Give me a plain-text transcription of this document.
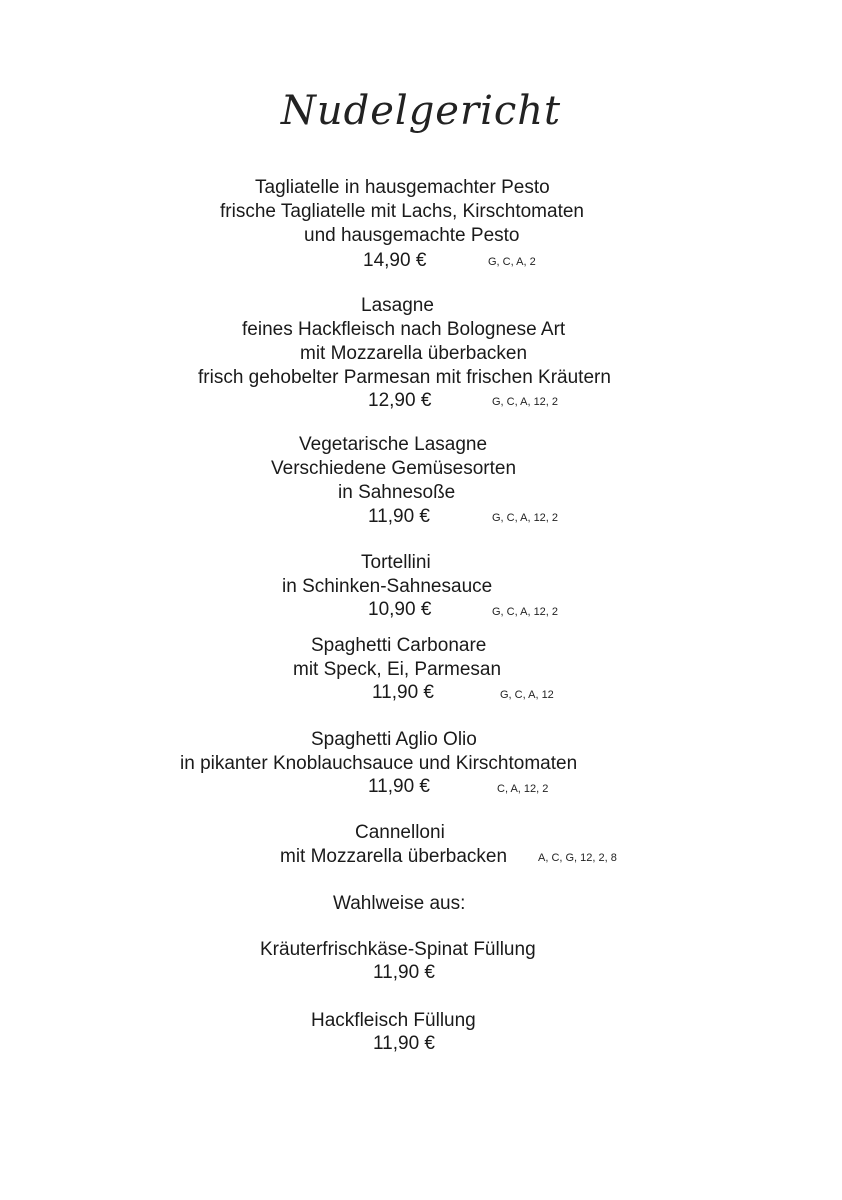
Nudelgericht
Tagliatelle in hausgemachter Pesto
frische Tagliatelle mit Lachs, Kirschtomaten
und hausgemachte Pesto
14,90 €	G, C, A, 2
Lasagne
feines Hackfleisch nach Bolognese Art
mit Mozzarella überbacken
frisch gehobelter Parmesan mit frischen Kräutern
12,90 €	G, C, A, 12, 2
Vegetarische Lasagne
Verschiedene Gemüsesorten
in Sahnesoße
11,90 €	G, C, A, 12, 2
Tortellini
in Schinken-Sahnesauce
10,90 €	G, C, A, 12, 2
Spaghetti Carbonare
mit Speck, Ei, Parmesan
11,90 €	G, C, A, 12
Spaghetti Aglio Olio
in pikanter Knoblauchsauce und Kirschtomaten
11,90 €	C, A, 12, 2
Cannelloni
mit Mozzarella überbacken	A, C, G, 12, 2, 8
Wahlweise aus:
Kräuterfrischkäse-Spinat Füllung
11,90 €
Hackfleisch Füllung
11,90 €
